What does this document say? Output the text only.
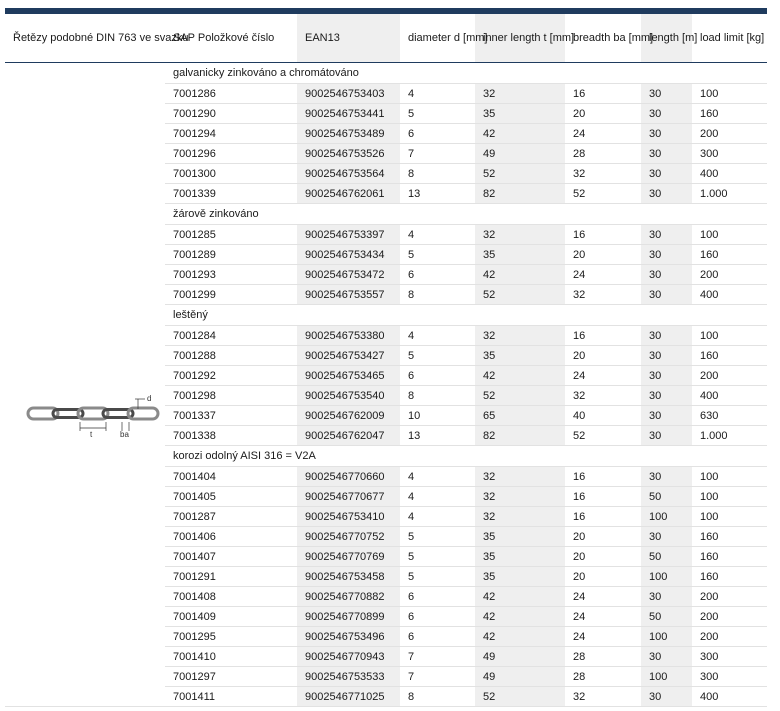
Řetězy podobné DIN 763 ve svazku	SAP Položkové číslo	EAN13	diameter d [mm]	inner length t [mm]	breadth ba [mm]	length [m]	load limit [kg]

d
t ba	galvanicky zinkováno a chromátováno						
	7001286	9002546753403	4	32	16	30	100
	7001290	9002546753441	5	35	20	30	160
	7001294	9002546753489	6	42	24	30	200
	7001296	9002546753526	7	49	28	30	300
	7001300	9002546753564	8	52	32	30	400
	7001339	9002546762061	13	82	52	30	1.000
	žárově zinkováno						
	7001285	9002546753397	4	32	16	30	100
	7001289	9002546753434	5	35	20	30	160
	7001293	9002546753472	6	42	24	30	200
	7001299	9002546753557	8	52	32	30	400
	leštěný						
	7001284	9002546753380	4	32	16	30	100
	7001288	9002546753427	5	35	20	30	160
	7001292	9002546753465	6	42	24	30	200
	7001298	9002546753540	8	52	32	30	400
	7001337	9002546762009	10	65	40	30	630
	7001338	9002546762047	13	82	52	30	1.000
	korozi odolný AISI 316 = V2A						
	7001404	9002546770660	4	32	16	30	100
	7001405	9002546770677	4	32	16	50	100
	7001287	9002546753410	4	32	16	100	100
	7001406	9002546770752	5	35	20	30	160
	7001407	9002546770769	5	35	20	50	160
	7001291	9002546753458	5	35	20	100	160
	7001408	9002546770882	6	42	24	30	200
	7001409	9002546770899	6	42	24	50	200
	7001295	9002546753496	6	42	24	100	200
	7001410	9002546770943	7	49	28	30	300
	7001297	9002546753533	7	49	28	100	300
	7001411	9002546771025	8	52	32	30	400
